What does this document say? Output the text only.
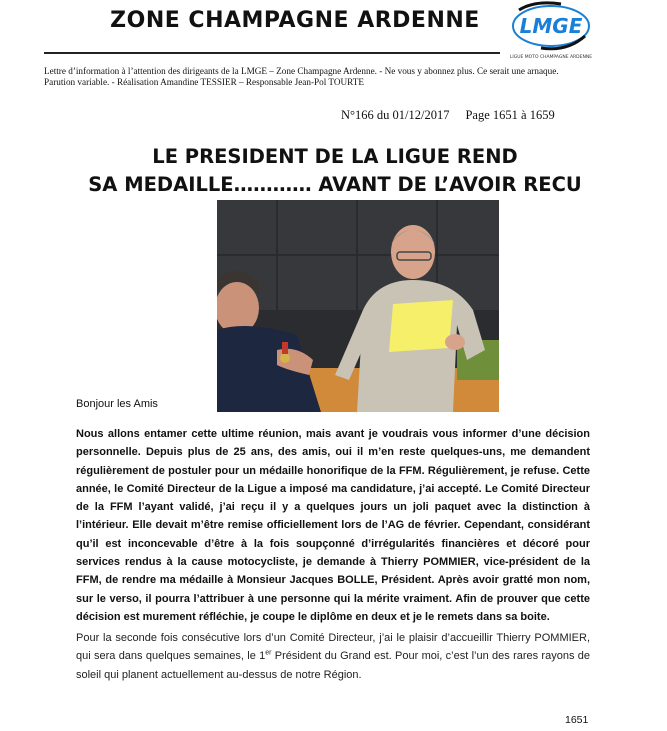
ZONE CHAMPAGNE ARDENNE	LMGE
LIGUE MOTO CHAMPAGNE ARDENNE
Lettre d’information à l’attention des dirigeants de la LMGE – Zone Champagne Ardenne. - Ne vous y abonnez plus. Ce serait une arnaque.
Parution variable. - Réalisation Amandine TESSIER – Responsable Jean-Pol TOURTE
N°166 du 01/12/2017 Page 1651 à 1659
LE PRESIDENT DE LA LIGUE REND
SA MEDAILLE………… AVANT DE L’AVOIR RECU
Bonjour les Amis

Nous allons entamer cette ultime réunion, mais avant je voudrais vous informer d’une décision personnelle. Depuis plus de 25 ans, des amis, oui il m’en reste quelques-uns, me demandent régulièrement de postuler pour un médaille honorifique de la FFM. Régulièrement, je refuse. Cette année, le Comité Directeur de la Ligue a imposé ma candidature, j’ai accepté. Le Comité Directeur de la FFM l’ayant validé, j’ai reçu il y a quelques jours un joli paquet avec la distinction à l’intérieur. Elle devait m’être remise officiellement lors de l’AG de février. Cependant, considérant qu’il est inconcevable d’être à la fois soupçonné d’irrégularités financières et décoré pour services rendus à la cause motocycliste, je demande à Thierry POMMIER, vice-président de la FFM, de rendre ma médaille à Monsieur Jacques BOLLE, Président. Après avoir gratté mon nom, sur le verso, il pourra l’attribuer à une personne qui la mérite vraiment. Afin de prouver que cette décision est murement réfléchie, je coupe le diplôme en deux et je le remets dans sa boite.

Pour la seconde fois consécutive lors d’un Comité Directeur, j’ai le plaisir d’accueillir Thierry POMMIER, qui sera dans quelques semaines, le 1er Président du Grand est. Pour moi, c’est l’un des rares rayons de soleil qui planent actuellement au-dessus de notre Région.

1651
